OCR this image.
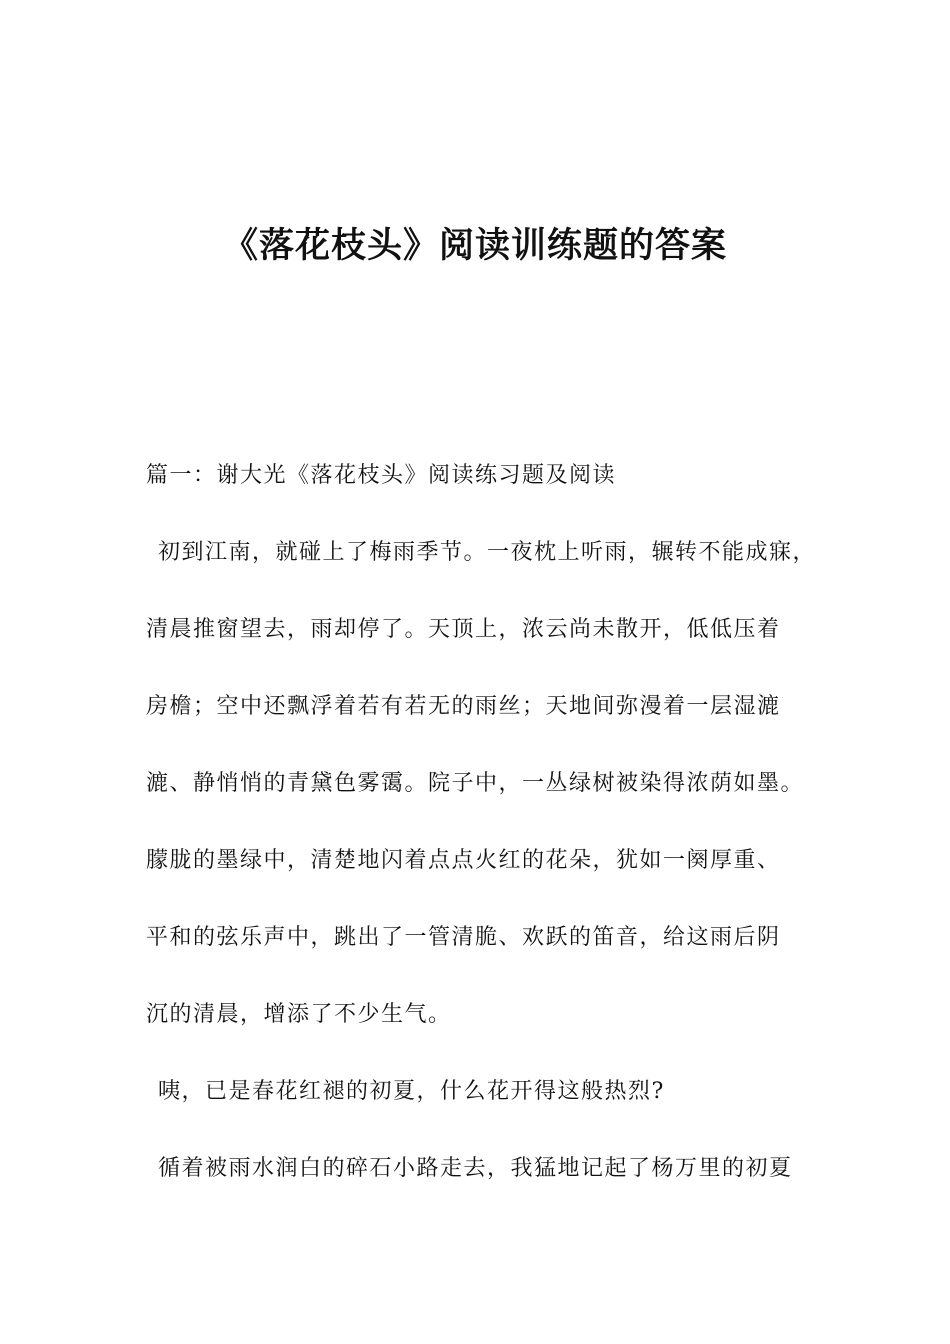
《落花枝头》阅读训练题的答案

篇一：谢大光《落花枝头》阅读练习题及阅读

初到江南，就碰上了梅雨季节。一夜枕上听雨，辗转不能成寐，

清晨推窗望去，雨却停了。天顶上，浓云尚未散开，低低压着

房檐；空中还飘浮着若有若无的雨丝；天地间弥漫着一层湿漉

漉、静悄悄的青黛色雾霭。院子中，一丛绿树被染得浓荫如墨。

朦胧的墨绿中，清楚地闪着点点火红的花朵，犹如一阕厚重、

平和的弦乐声中，跳出了一管清脆、欢跃的笛音，给这雨后阴

沉的清晨，增添了不少生气。

咦，已是春花红褪的初夏，什么花开得这般热烈?

循着被雨水润白的碎石小路走去，我猛地记起了杨万里的初夏
